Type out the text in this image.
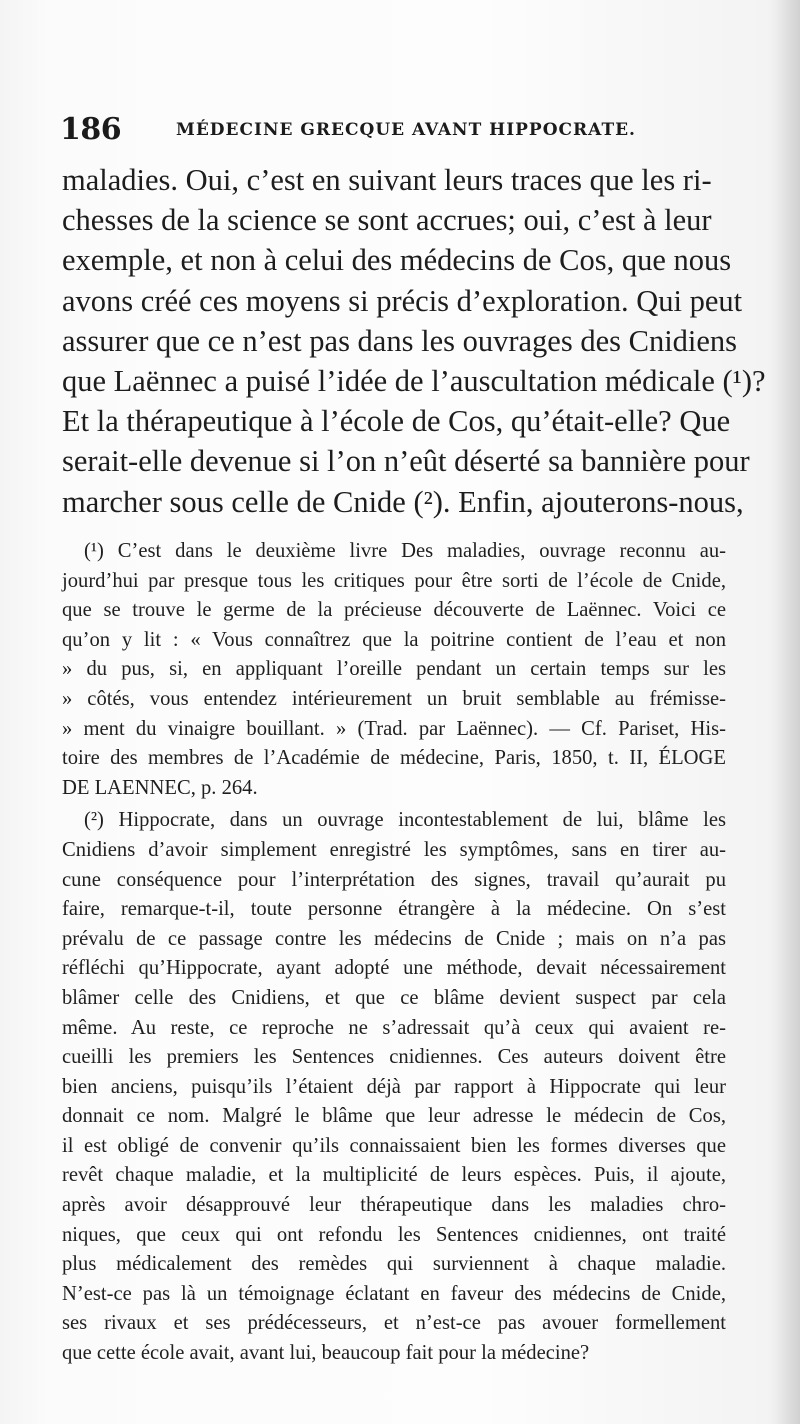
186	MÉDECINE GRECQUE AVANT HIPPOCRATE.
maladies. Oui, c’est en suivant leurs traces que les ri-
chesses de la science se sont accrues; oui, c’est à leur
exemple, et non à celui des médecins de Cos, que nous
avons créé ces moyens si précis d’exploration. Qui peut
assurer que ce n’est pas dans les ouvrages des Cnidiens
que Laënnec a puisé l’idée de l’auscultation médicale (¹)?
Et la thérapeutique à l’école de Cos, qu’était-elle? Que
serait-elle devenue si l’on n’eût déserté sa bannière pour
marcher sous celle de Cnide (²). Enfin, ajouterons-nous,
(¹) C’est dans le deuxième livre Des maladies, ouvrage reconnu au-
jourd’hui par presque tous les critiques pour être sorti de l’école de Cnide,
que se trouve le germe de la précieuse découverte de Laënnec. Voici ce
qu’on y lit : « Vous connaîtrez que la poitrine contient de l’eau et non
» du pus, si, en appliquant l’oreille pendant un certain temps sur les
» côtés, vous entendez intérieurement un bruit semblable au frémisse-
» ment du vinaigre bouillant. » (Trad. par Laënnec). — Cf. Pariset, His-
toire des membres de l’Académie de médecine, Paris, 1850, t. II, ÉLOGE
DE LAENNEC, p. 264.
(²) Hippocrate, dans un ouvrage incontestablement de lui, blâme les
Cnidiens d’avoir simplement enregistré les symptômes, sans en tirer au-
cune conséquence pour l’interprétation des signes, travail qu’aurait pu
faire, remarque-t-il, toute personne étrangère à la médecine. On s’est
prévalu de ce passage contre les médecins de Cnide ; mais on n’a pas
réfléchi qu’Hippocrate, ayant adopté une méthode, devait nécessairement
blâmer celle des Cnidiens, et que ce blâme devient suspect par cela
même. Au reste, ce reproche ne s’adressait qu’à ceux qui avaient re-
cueilli les premiers les Sentences cnidiennes. Ces auteurs doivent être
bien anciens, puisqu’ils l’étaient déjà par rapport à Hippocrate qui leur
donnait ce nom. Malgré le blâme que leur adresse le médecin de Cos,
il est obligé de convenir qu’ils connaissaient bien les formes diverses que
revêt chaque maladie, et la multiplicité de leurs espèces. Puis, il ajoute,
après avoir désapprouvé leur thérapeutique dans les maladies chro-
niques, que ceux qui ont refondu les Sentences cnidiennes, ont traité
plus médicalement des remèdes qui surviennent à chaque maladie.
N’est-ce pas là un témoignage éclatant en faveur des médecins de Cnide,
ses rivaux et ses prédécesseurs, et n’est-ce pas avouer formellement
que cette école avait, avant lui, beaucoup fait pour la médecine?
